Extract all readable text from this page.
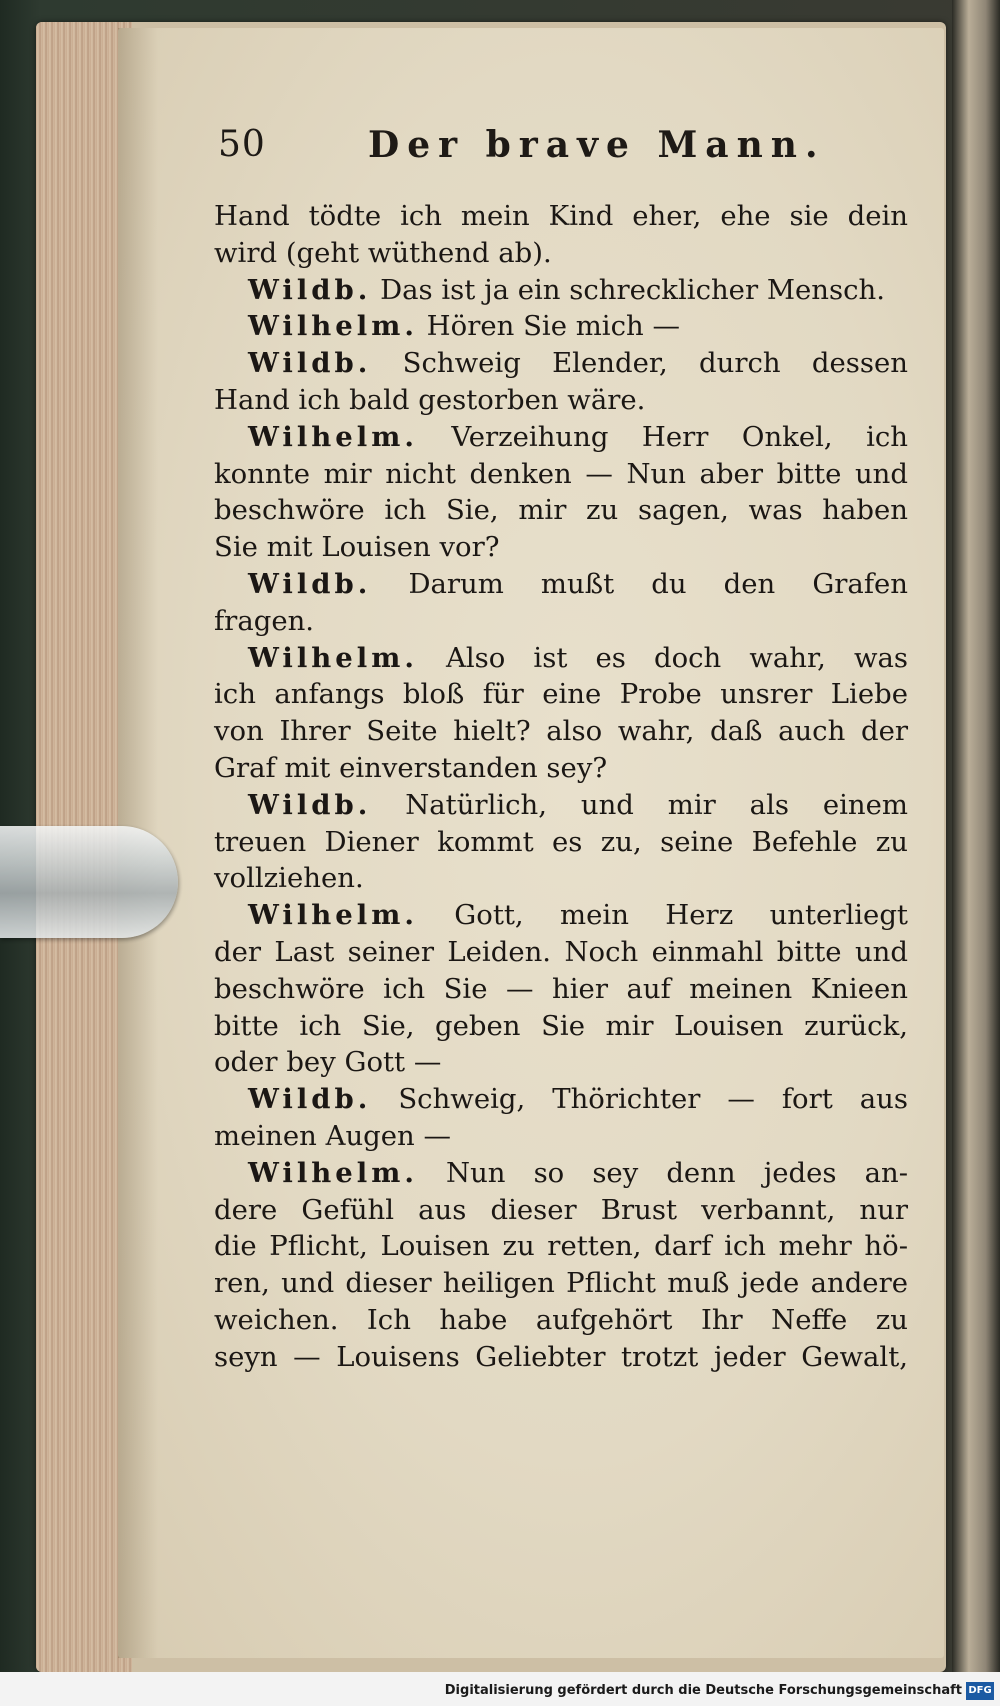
50	Der brave Mann.
Hand tödte ich mein Kind eher, ehe sie dein
wird (geht wüthend ab).
Wildb. Das ist ja ein schrecklicher Mensch.
Wilhelm. Hören Sie mich —
Wildb. Schweig Elender, durch dessen
Hand ich bald gestorben wäre.
Wilhelm. Verzeihung Herr Onkel, ich
konnte mir nicht denken — Nun aber bitte und
beschwöre ich Sie, mir zu sagen, was haben
Sie mit Louisen vor?
Wildb. Darum mußt du den Grafen
fragen.
Wilhelm. Also ist es doch wahr, was
ich anfangs bloß für eine Probe unsrer Liebe
von Ihrer Seite hielt? also wahr, daß auch der
Graf mit einverstanden sey?
Wildb. Natürlich, und mir als einem
treuen Diener kommt es zu, seine Befehle zu
vollziehen.
Wilhelm. Gott, mein Herz unterliegt
der Last seiner Leiden. Noch einmahl bitte und
beschwöre ich Sie — hier auf meinen Knieen
bitte ich Sie, geben Sie mir Louisen zurück,
oder bey Gott —
Wildb. Schweig, Thörichter — fort aus
meinen Augen —
Wilhelm. Nun so sey denn jedes an-
dere Gefühl aus dieser Brust verbannt, nur
die Pflicht, Louisen zu retten, darf ich mehr hö-
ren, und dieser heiligen Pflicht muß jede andere
weichen. Ich habe aufgehört Ihr Neffe zu
seyn — Louisens Geliebter trotzt jeder Gewalt,
Digitalisierung gefördert durch die Deutsche Forschungsgemeinschaft DFG
